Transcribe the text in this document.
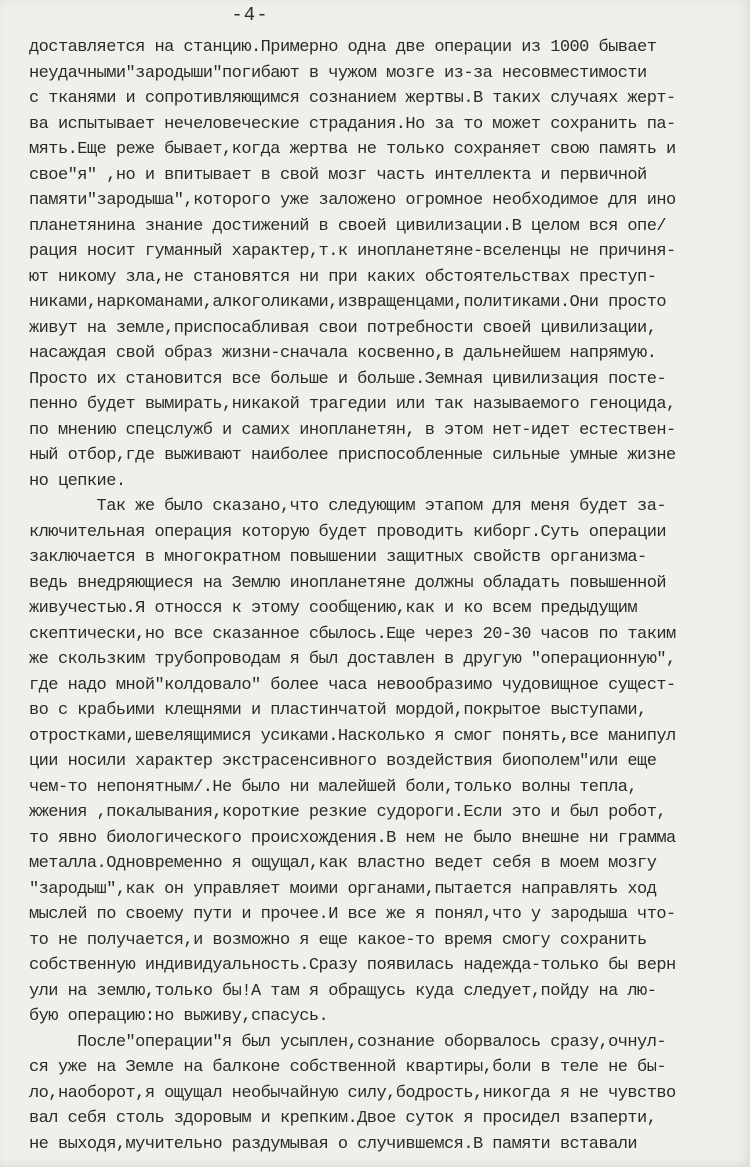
-4-
доставляется на станцию.Примерно одна две операции из 1000 бывает
неудачными"зародыши"погибают в чужом мозге из-за несовместимости
с тканями и сопротивляющимся сознанием жертвы.В таких случаях жерт-
ва испытывает нечеловеческие страдания.Но за то может сохранить па-
мять.Еще реже бывает,когда жертва не только сохраняет свою память и
свое"я" ,но и впитывает в свой мозг часть интеллекта и первичной
памяти"зародыша",которого уже заложено огромное необходимое для ино
планетянина знание достижений в своей цивилизации.В целом вся опе/
рация носит гуманный характер,т.к инопланетяне-вселенцы не причиня-
ют никому зла,не становятся ни при каких обстоятельствах преступ-
никами,наркоманами,алкоголиками,извращенцами,политиками.Они просто
живут на земле,приспосабливая свои потребности своей цивилизации,
насаждая свой образ жизни-сначала косвенно,в дальнейшем напрямую.
Просто их становится все больше и больше.Земная цивилизация посте-
пенно будет вымирать,никакой трагедии или так называемого геноцида,
по мнению спецслужб и самих инопланетян, в этом нет-идет естествен-
ный отбор,где выживают наиболее приспособленные сильные умные жизне
но цепкие.
Так же было сказано,что следующим этапом для меня будет за-
ключительная операция которую будет проводить киборг.Суть операции
заключается в многократном повышении защитных свойств организма-
ведь внедряющиеся на Землю инопланетяне должны обладать повышенной
живучестью.Я относся к этому сообщению,как и ко всем предыдущим
скептически,но все сказанное сбылось.Еще через 20-30 часов по таким
же скользким трубопроводам я был доставлен в другую "операционную",
где надо мной"колдовало" более часа невообразимо чудовищное сущест-
во с крабьими клещнями и пластинчатой мордой,покрытое выступами,
отростками,шевелящимися усиками.Насколько я смог понять,все манипул
ции носили характер экстрасенсивного воздействия биополем"или еще
чем-то непонятным/.Не было ни малейшей боли,только волны тепла,
жжения ,покалывания,короткие резкие судороги.Если это и был робот,
то явно биологического происхождения.В нем не было внешне ни грамма
металла.Одновременно я ощущал,как властно ведет себя в моем мозгу
"зародыш",как он управляет моими органами,пытается направлять ход
мыслей по своему пути и прочее.И все же я понял,что у зародыша что-
то не получается,и возможно я еще какое-то время смогу сохранить
собственную индивидуальность.Сразу появилась надежда-только бы верн
ули на землю,только бы!А там я обращусь куда следует,пойду на лю-
бую операцию:но выживу,спасусь.
После"операции"я был усыплен,сознание оборвалось сразу,очнул-
ся уже на Земле на балконе собственной квартиры,боли в теле не бы-
ло,наоборот,я ощущал необычайную силу,бодрость,никогда я не чувство
вал себя столь здоровым и крепким.Двое суток я просидел взаперти,
не выходя,мучительно раздумывая о случившемся.В памяти вставали
